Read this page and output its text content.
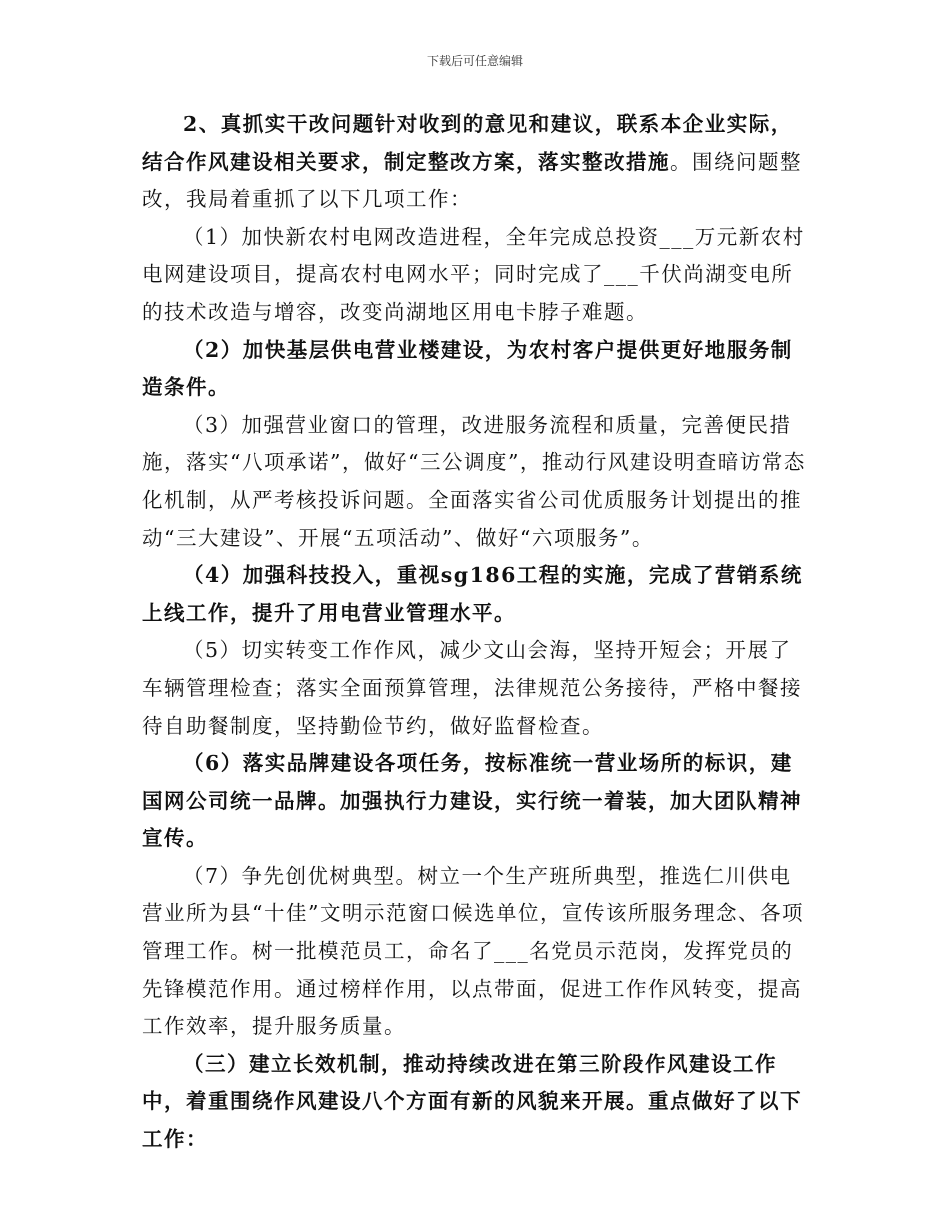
下载后可任意编辑

2、真抓实干改问题针对收到的意见和建议，联系本企业实际，结合作风建设相关要求，制定整改方案，落实整改措施。围绕问题整改，我局着重抓了以下几项工作：

（1）加快新农村电网改造进程，全年完成总投资___万元新农村电网建设项目，提高农村电网水平；同时完成了___千伏尚湖变电所的技术改造与增容，改变尚湖地区用电卡脖子难题。

（2）加快基层供电营业楼建设，为农村客户提供更好地服务制造条件。

（3）加强营业窗口的管理，改进服务流程和质量，完善便民措施，落实“八项承诺”，做好“三公调度”，推动行风建设明查暗访常态化机制，从严考核投诉问题。全面落实省公司优质服务计划提出的推动“三大建设”、开展“五项活动”、做好“六项服务”。

（4）加强科技投入，重视sg186工程的实施，完成了营销系统上线工作，提升了用电营业管理水平。

（5）切实转变工作作风，减少文山会海，坚持开短会；开展了车辆管理检查；落实全面预算管理，法律规范公务接待，严格中餐接待自助餐制度，坚持勤俭节约，做好监督检查。

（6）落实品牌建设各项任务，按标准统一营业场所的标识，建国网公司统一品牌。加强执行力建设，实行统一着装，加大团队精神宣传。

（7）争先创优树典型。树立一个生产班所典型，推选仁川供电营业所为县“十佳”文明示范窗口候选单位，宣传该所服务理念、各项管理工作。树一批模范员工，命名了___名党员示范岗，发挥党员的先锋模范作用。通过榜样作用，以点带面，促进工作作风转变，提高工作效率，提升服务质量。

（三）建立长效机制，推动持续改进在第三阶段作风建设工作中，着重围绕作风建设八个方面有新的风貌来开展。重点做好了以下工作：
